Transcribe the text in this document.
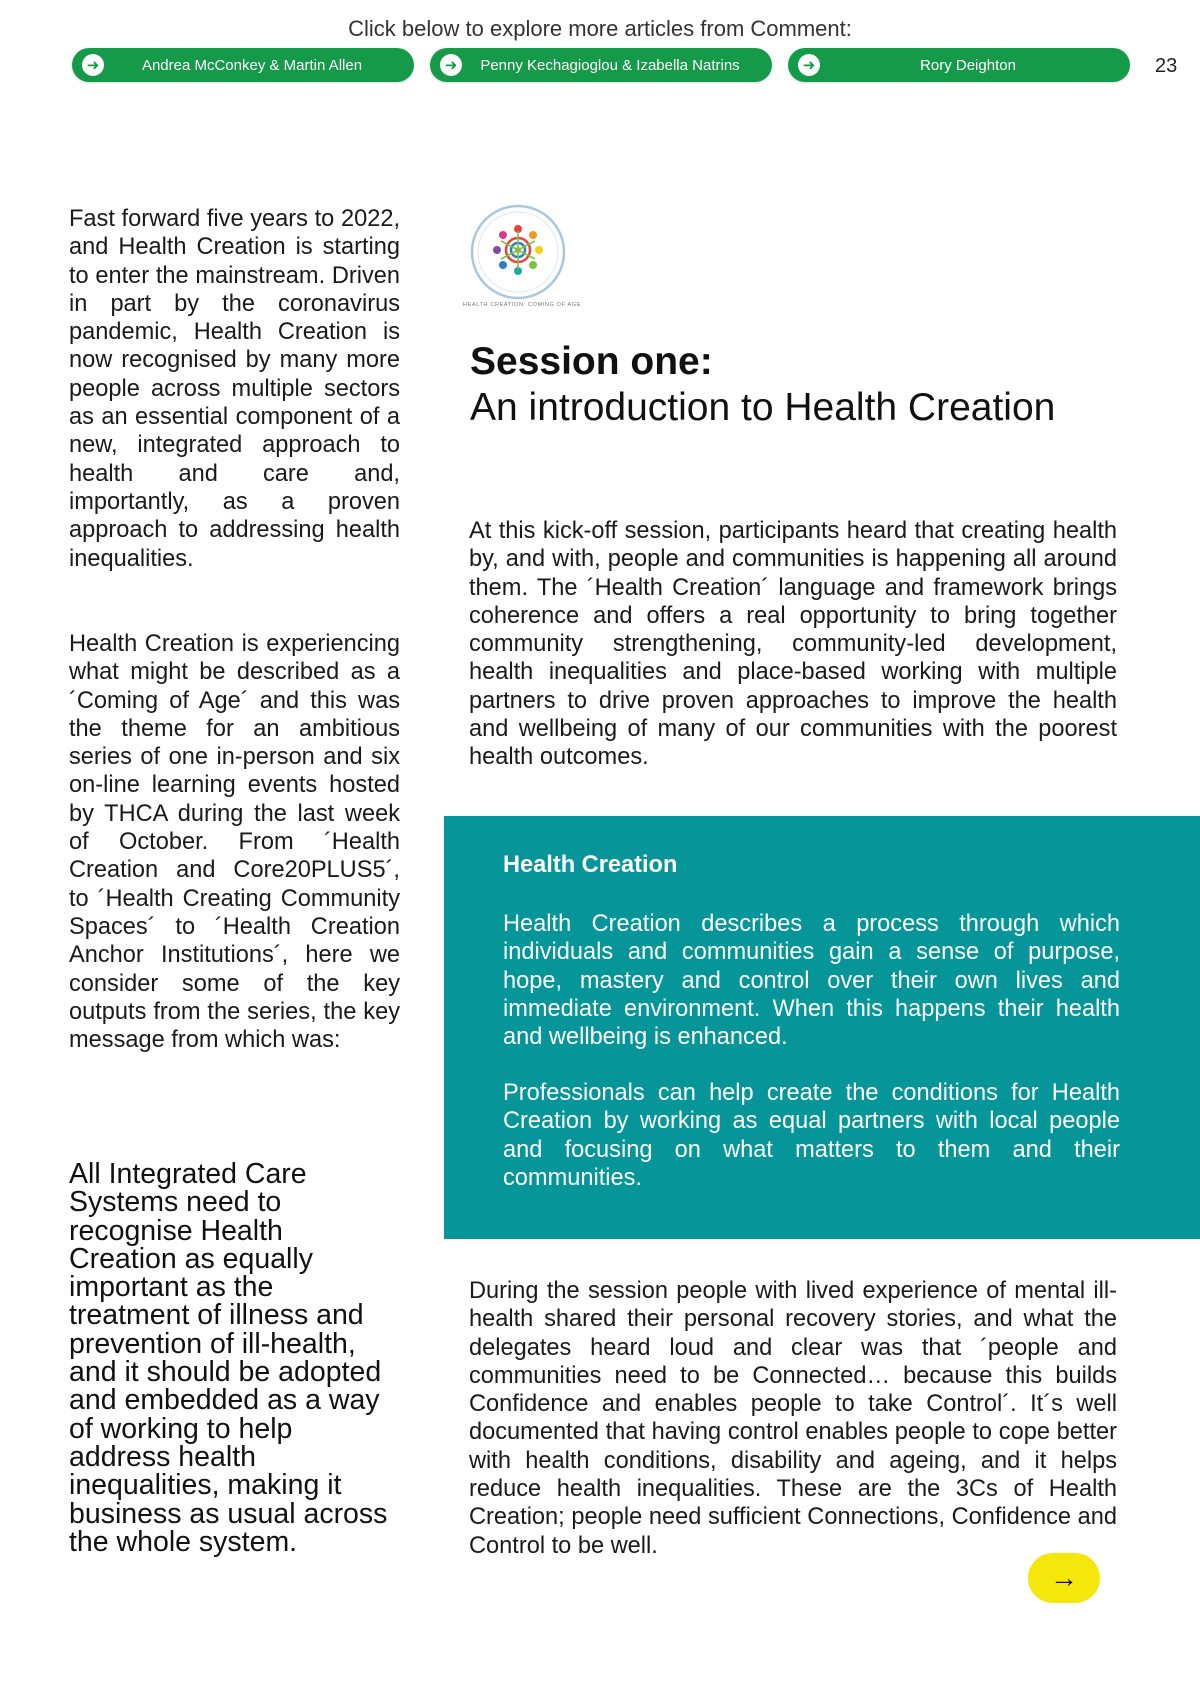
Click below to explore more articles from Comment:
➜	Andrea McConkey & Martin Allen	➜	Penny Kechagioglou & Izabella Natrins	➜	Rory Deighton	23

Fast forward five years to 2022, and Health Creation is starting to enter the mainstream. Driven in part by the coronavirus pandemic, Health Creation is now recognised by many more people across multiple sectors as an essential component of a new, integrated approach to health and care and, importantly, as a proven approach to addressing health inequalities.

Health Creation is experiencing what might be described as a ´Coming of Age´ and this was the theme for an ambitious series of one in-person and six on-line learning events hosted by THCA during the last week of October. From ´Health Creation and Core20PLUS5´, to ´Health Creating Community Spaces´ to ´Health Creation Anchor Institutions´, here we consider some of the key outputs from the series, the key message from which was:

All Integrated Care Systems need to recognise Health Creation as equally important as the treatment of illness and prevention of ill-health, and it should be adopted and embedded as a way of working to help address health inequalities, making it business as usual across the whole system.

HEALTH CREATION: COMING OF AGE
Session one:
An introduction to Health Creation

At this kick-off session, participants heard that creating health by, and with, people and communities is happening all around them. The ´Health Creation´ language and framework brings coherence and offers a real opportunity to bring together community strengthening, community-led development, health inequalities and place-based working with multiple partners to drive proven approaches to improve the health and wellbeing of many of our communities with the poorest health outcomes.

Health Creation

Health Creation describes a process through which individuals and communities gain a sense of purpose, hope, mastery and control over their own lives and immediate environment. When this happens their health and wellbeing is enhanced.

Professionals can help create the conditions for Health Creation by working as equal partners with local people and focusing on what matters to them and their communities.

During the session people with lived experience of mental ill-health shared their personal recovery stories, and what the delegates heard loud and clear was that ´people and communities need to be Connected… because this builds Confidence and enables people to take Control´. It´s well documented that having control enables people to cope better with health conditions, disability and ageing, and it helps reduce health inequalities. These are the 3Cs of Health Creation; people need sufficient Connections, Confidence and Control to be well.

→
